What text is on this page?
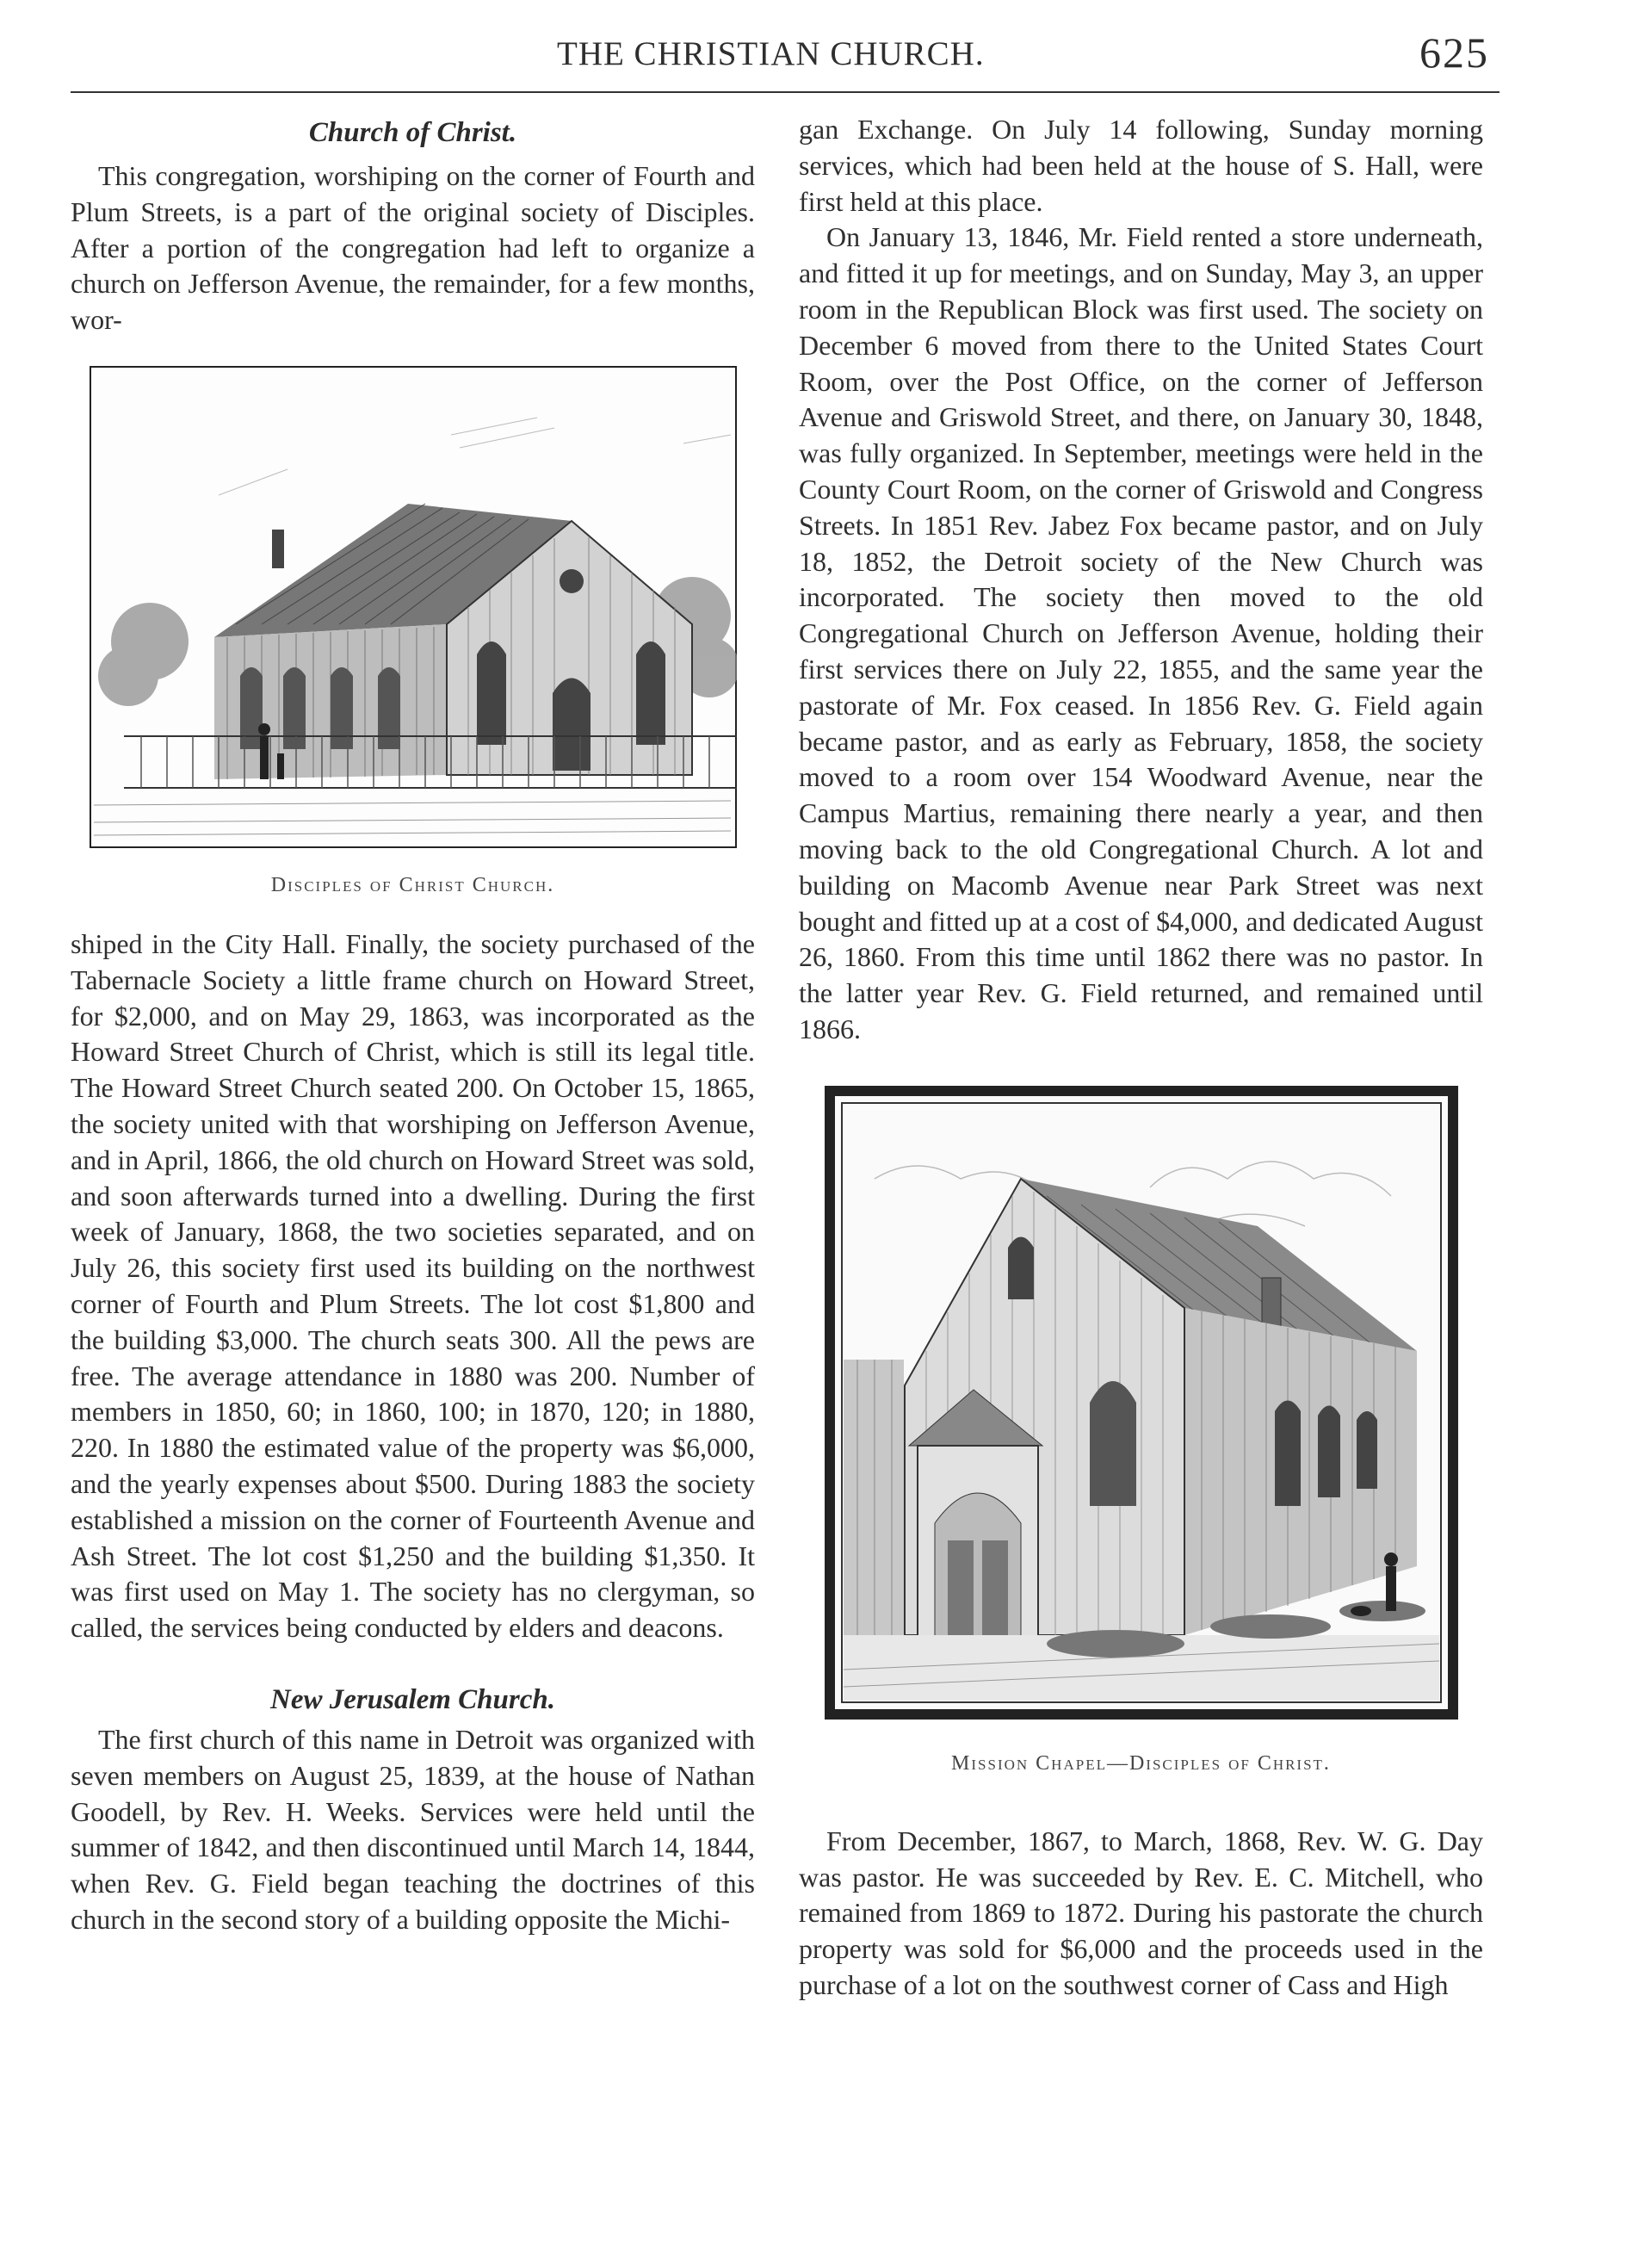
THE CHRISTIAN CHURCH.	625
Church of Christ.

This congregation, worshiping on the corner of Fourth and Plum Streets, is a part of the original society of Disciples. After a portion of the congregation had left to organize a church on Jefferson Avenue, the remainder, for a few months, wor-

Disciples of Christ Church.

shiped in the City Hall. Finally, the society purchased of the Tabernacle Society a little frame church on Howard Street, for $2,000, and on May 29, 1863, was incorporated as the Howard Street Church of Christ, which is still its legal title. The Howard Street Church seated 200. On October 15, 1865, the society united with that worshiping on Jefferson Avenue, and in April, 1866, the old church on Howard Street was sold, and soon afterwards turned into a dwelling. During the first week of January, 1868, the two societies separated, and on July 26, this society first used its building on the northwest corner of Fourth and Plum Streets. The lot cost $1,800 and the building $3,000. The church seats 300. All the pews are free. The average attendance in 1880 was 200. Number of members in 1850, 60; in 1860, 100; in 1870, 120; in 1880, 220. In 1880 the estimated value of the property was $6,000, and the yearly expenses about $500. During 1883 the society established a mission on the corner of Fourteenth Avenue and Ash Street. The lot cost $1,250 and the building $1,350. It was first used on May 1. The society has no clergyman, so called, the services being conducted by elders and deacons.

New Jerusalem Church.

The first church of this name in Detroit was organized with seven members on August 25, 1839, at the house of Nathan Goodell, by Rev. H. Weeks. Services were held until the summer of 1842, and then discontinued until March 14, 1844, when Rev. G. Field began teaching the doctrines of this church in the second story of a building opposite the Michi-

gan Exchange. On July 14 following, Sunday morning services, which had been held at the house of S. Hall, were first held at this place.

On January 13, 1846, Mr. Field rented a store underneath, and fitted it up for meetings, and on Sunday, May 3, an upper room in the Republican Block was first used. The society on December 6 moved from there to the United States Court Room, over the Post Office, on the corner of Jefferson Avenue and Griswold Street, and there, on January 30, 1848, was fully organized. In September, meetings were held in the County Court Room, on the corner of Griswold and Congress Streets. In 1851 Rev. Jabez Fox became pastor, and on July 18, 1852, the Detroit society of the New Church was incorporated. The society then moved to the old Congregational Church on Jefferson Avenue, holding their first services there on July 22, 1855, and the same year the pastorate of Mr. Fox ceased. In 1856 Rev. G. Field again became pastor, and as early as February, 1858, the society moved to a room over 154 Woodward Avenue, near the Campus Martius, remaining there nearly a year, and then moving back to the old Congregational Church. A lot and building on Macomb Avenue near Park Street was next bought and fitted up at a cost of $4,000, and dedicated August 26, 1860. From this time until 1862 there was no pastor. In the latter year Rev. G. Field returned, and remained until 1866.

Mission Chapel—Disciples of Christ.

From December, 1867, to March, 1868, Rev. W. G. Day was pastor. He was succeeded by Rev. E. C. Mitchell, who remained from 1869 to 1872. During his pastorate the church property was sold for $6,000 and the proceeds used in the purchase of a lot on the southwest corner of Cass and High
